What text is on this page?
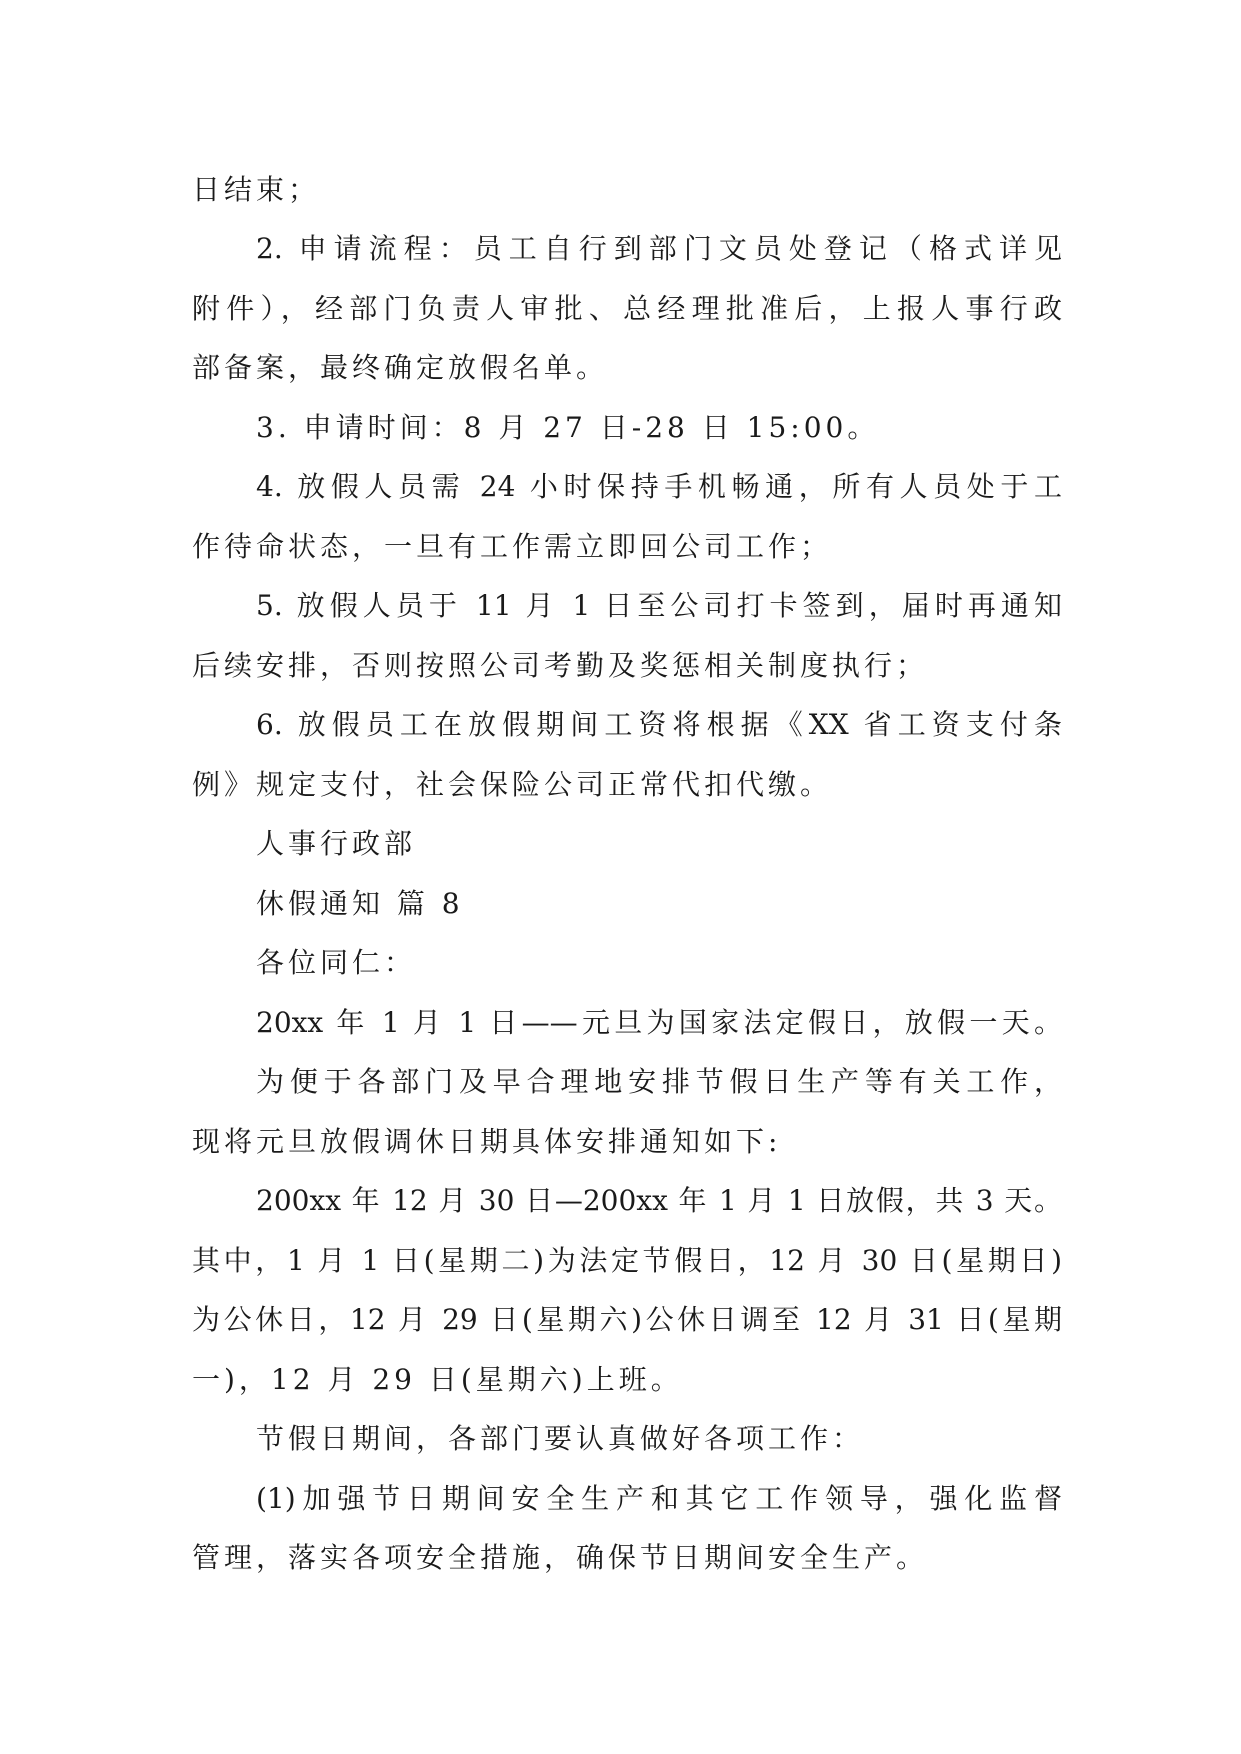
日结束；
2. 申请流程：员工自行到部门文员处登记（格式详见
附件），经部门负责人审批、总经理批准后，上报人事行政
部备案，最终确定放假名单。
3. 申请时间：8 月 27 日-28 日 15:00。
4. 放假人员需 24 小时保持手机畅通，所有人员处于工
作待命状态，一旦有工作需立即回公司工作；
5. 放假人员于 11 月 1 日至公司打卡签到，届时再通知
后续安排，否则按照公司考勤及奖惩相关制度执行；
6. 放假员工在放假期间工资将根据《XX 省工资支付条
例》规定支付，社会保险公司正常代扣代缴。
人事行政部
休假通知 篇 8
各位同仁：
20xx 年 1 月 1 日——元旦为国家法定假日，放假一天。
为便于各部门及早合理地安排节假日生产等有关工作，
现将元旦放假调休日期具体安排通知如下:
200xx 年 12 月 30 日—200xx 年 1 月 1 日放假，共 3 天。
其中，1 月 1 日(星期二)为法定节假日，12 月 30 日(星期日)
为公休日，12 月 29 日(星期六)公休日调至 12 月 31 日(星期
一)，12 月 29 日(星期六)上班。
节假日期间，各部门要认真做好各项工作：
(1)加强节日期间安全生产和其它工作领导，强化监督
管理，落实各项安全措施，确保节日期间安全生产。
